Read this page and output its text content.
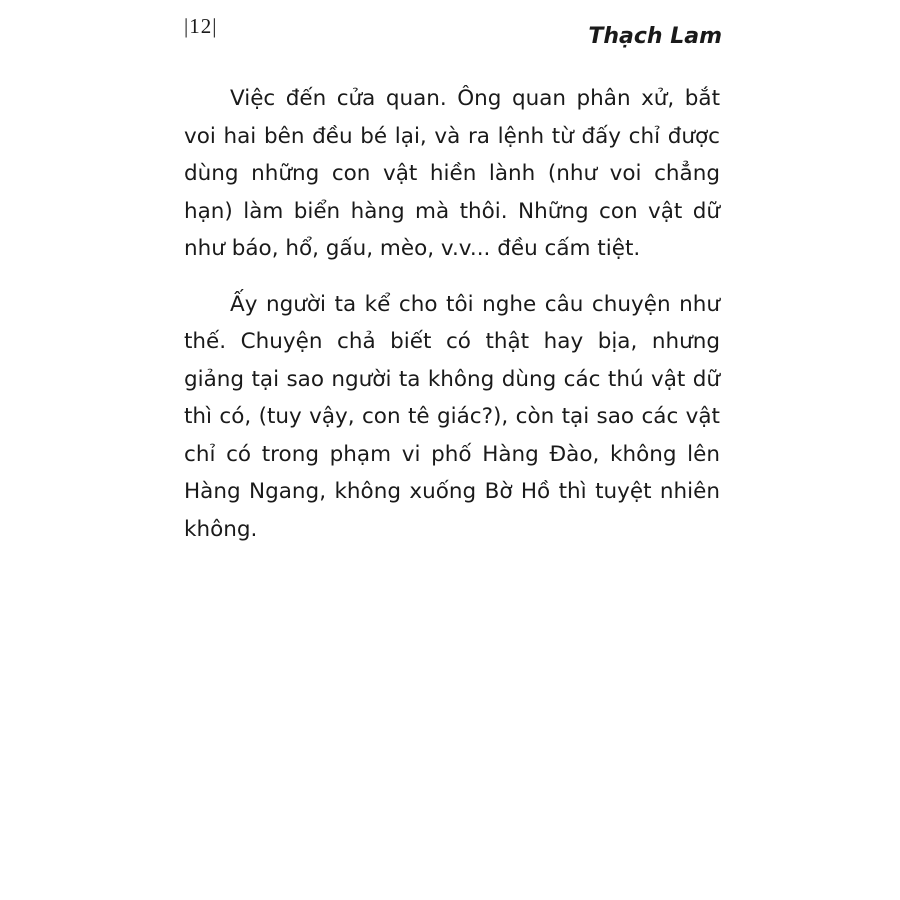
|12|	Thạch Lam

Việc đến cửa quan. Ông quan phân xử, bắt voi hai bên đều bé lại, và ra lệnh từ đấy chỉ được dùng những con vật hiền lành (như voi chẳng hạn) làm biển hàng mà thôi. Những con vật dữ như báo, hổ, gấu, mèo, v.v... đều cấm tiệt.

Ấy người ta kể cho tôi nghe câu chuyện như thế. Chuyện chả biết có thật hay bịa, nhưng giảng tại sao người ta không dùng các thú vật dữ thì có, (tuy vậy, con tê giác?), còn tại sao các vật chỉ có trong phạm vi phố Hàng Đào, không lên Hàng Ngang, không xuống Bờ Hồ thì tuyệt nhiên không.
